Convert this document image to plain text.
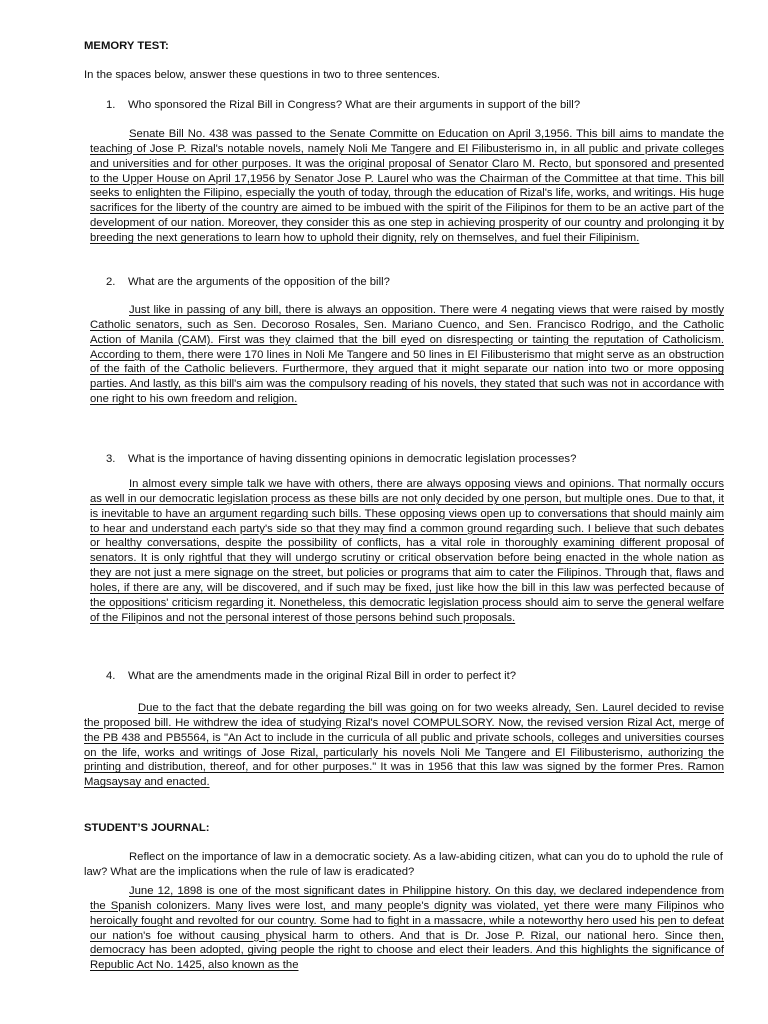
MEMORY TEST:
In the spaces below, answer these questions in two to three sentences.
1. Who sponsored the Rizal Bill in Congress? What are their arguments in support of the bill?

Senate Bill No. 438 was passed to the Senate Committe on Education on April 3,1956. This bill aims to mandate the teaching of Jose P. Rizal's notable novels, namely Noli Me Tangere and El Filibusterismo in, in all public and private colleges and universities and for other purposes. It was the original proposal of Senator Claro M. Recto, but sponsored and presented to the Upper House on April 17,1956 by Senator Jose P. Laurel who was the Chairman of the Committee at that time. This bill seeks to enlighten the Filipino, especially the youth of today, through the education of Rizal's life, works, and writings. His huge sacrifices for the liberty of the country are aimed to be imbued with the spirit of the Filipinos for them to be an active part of the development of our nation. Moreover, they consider this as one step in achieving prosperity of our country and prolonging it by breeding the next generations to learn how to uphold their dignity, rely on themselves, and fuel their Filipinism.

2. What are the arguments of the opposition of the bill?

Just like in passing of any bill, there is always an opposition. There were 4 negating views that were raised by mostly Catholic senators, such as Sen. Decoroso Rosales, Sen. Mariano Cuenco, and Sen. Francisco Rodrigo, and the Catholic Action of Manila (CAM). First was they claimed that the bill eyed on disrespecting or tainting the reputation of Catholicism. According to them, there were 170 lines in Noli Me Tangere and 50 lines in El Filibusterismo that might serve as an obstruction of the faith of the Catholic believers. Furthermore, they argued that it might separate our nation into two or more opposing parties. And lastly, as this bill's aim was the compulsory reading of his novels, they stated that such was not in accordance with one right to his own freedom and religion.

3. What is the importance of having dissenting opinions in democratic legislation processes?

In almost every simple talk we have with others, there are always opposing views and opinions. That normally occurs as well in our democratic legislation process as these bills are not only decided by one person, but multiple ones. Due to that, it is inevitable to have an argument regarding such bills. These opposing views open up to conversations that should mainly aim to hear and understand each party's side so that they may find a common ground regarding such. I believe that such debates or healthy conversations, despite the possibility of conflicts, has a vital role in thoroughly examining different proposal of senators. It is only rightful that they will undergo scrutiny or critical observation before being enacted in the whole nation as they are not just a mere signage on the street, but policies or programs that aim to cater the Filipinos. Through that, flaws and holes, if there are any, will be discovered, and if such may be fixed, just like how the bill in this law was perfected because of the oppositions' criticism regarding it. Nonetheless, this democratic legislation process should aim to serve the general welfare of the Filipinos and not the personal interest of those persons behind such proposals.

4. What are the amendments made in the original Rizal Bill in order to perfect it?

Due to the fact that the debate regarding the bill was going on for two weeks already, Sen. Laurel decided to revise the proposed bill. He withdrew the idea of studying Rizal's novel COMPULSORY. Now, the revised version Rizal Act, merge of the PB 438 and PB5564, is "An Act to include in the curricula of all public and private schools, colleges and universities courses on the life, works and writings of Jose Rizal, particularly his novels Noli Me Tangere and El Filibusterismo, authorizing the printing and distribution, thereof, and for other purposes." It was in 1956 that this law was signed by the former Pres. Ramon Magsaysay and enacted.

STUDENT’S JOURNAL:

Reflect on the importance of law in a democratic society. As a law-abiding citizen, what can you do to uphold the rule of law? What are the implications when the rule of law is eradicated?

June 12, 1898 is one of the most significant dates in Philippine history. On this day, we declared independence from the Spanish colonizers. Many lives were lost, and many people's dignity was violated, yet there were many Filipinos who heroically fought and revolted for our country. Some had to fight in a massacre, while a noteworthy hero used his pen to defeat our nation's foe without causing physical harm to others. And that is Dr. Jose P. Rizal, our national hero. Since then, democracy has been adopted, giving people the right to choose and elect their leaders. And this highlights the significance of Republic Act No. 1425, also known as the
